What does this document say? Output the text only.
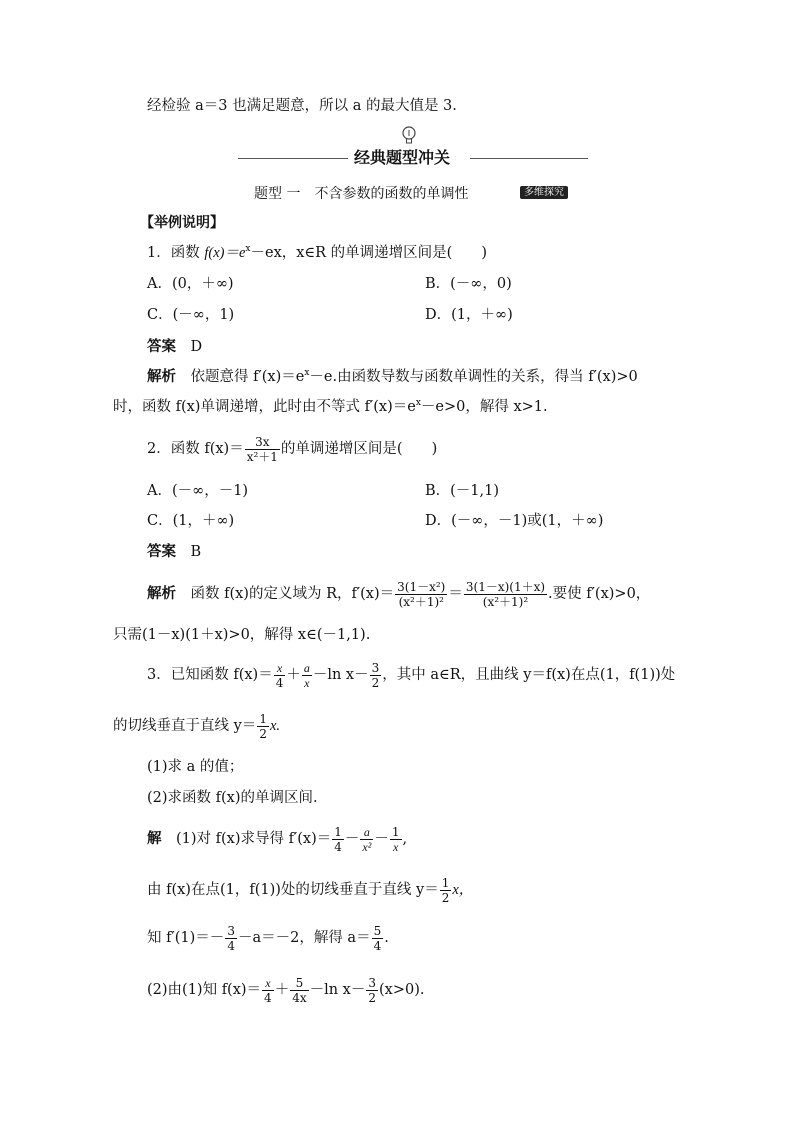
经检验 a＝3 也满足题意，所以 a 的最大值是 3.
经典题型冲关
题型 一　不含参数的函数的单调性	多维探究
【举例说明】
1．函数 $f(x)=e^x-ex$，x∈R 的单调递增区间是(　　)
A．(0，＋∞)	B．(－∞，0)
C．(－∞，1)	D．(1，＋∞)
答案　 D
解析　 依题意得 $f'(x)=e^x-e$.由函数导数与函数单调性的关系，得当 f′(x)>0
时，函数 f(x)单调递增，此时由不等式 $f'(x)=e^x-e>0$，解得 x>1.
2．函数 $f(x)= \frac{3x}{\text{x²＋1}}$ 的单调递增区间是(　　)
A．(－∞，－1)	B．(－1,1)
C．(1，＋∞)	D．(－∞，－1)或(1，＋∞)
答案　 B
解析　 函数 f(x)的定义域为 R，$f'(x)= \frac{\text{3(1－x²)}}{\text{(x²＋1)²}} = \frac{3(1-x)(1+x)}{\text{(x²＋1)²}}$ .要使 f′(x)>0，
只需(1－x)(1＋x)>0，解得 x∈(－1,1).
3．已知函数 $f(x)= \frac{x}{4} + \frac{a}{x} -\ln$ $x- \frac{3}{2}$ ，其中 a∈R，且曲线 y＝f(x)在点(1，f(1))处
的切线垂直于直线 $y= \frac{1}{2} x$.
(1)求 a 的值；
(2)求函数 f(x)的单调区间.
解　 (1)对 f(x)求导得 $f'(x)= \frac{1}{4} - \frac{a}{\text{x²}} - \frac{1}{x}$ ,
由 f(x)在点(1，f(1))处的切线垂直于直线 $y= \frac{1}{2}$ x，
知 $f'(1)=- \frac{3}{4} -a=-2$，解得 $a= \frac{5}{4}$ .
(2)由(1)知 $f(x)= \frac{x}{4} + \frac{5}{4x} -\ln$ $x- \frac{3}{2} (x>0)$.
